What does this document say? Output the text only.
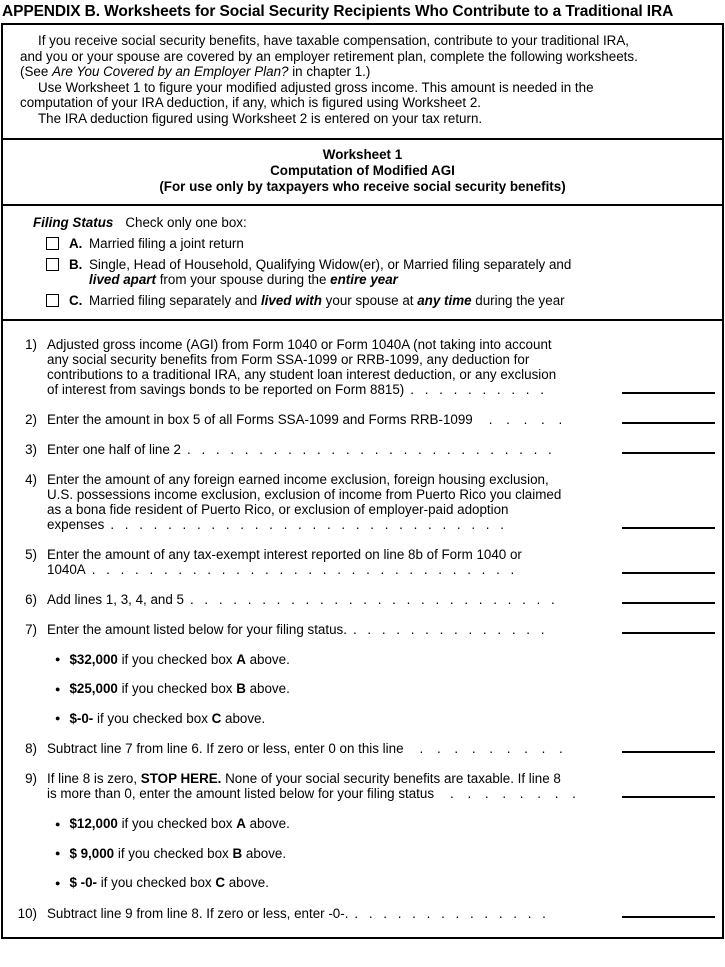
APPENDIX B. Worksheets for Social Security Recipients Who Contribute to a Traditional IRA
If you receive social security benefits, have taxable compensation, contribute to your traditional IRA,
and you or your spouse are covered by an employer retirement plan, complete the following worksheets.
(See Are You Covered by an Employer Plan? in chapter 1.)
Use Worksheet 1 to figure your modified adjusted gross income. This amount is needed in the
computation of your IRA deduction, if any, which is figured using Worksheet 2.
The IRA deduction figured using Worksheet 2 is entered on your tax return.
Worksheet 1
Computation of Modified AGI
(For use only by taxpayers who receive social security benefits)
Filing Status Check only one box:
A. Married filing a joint return
B. Single, Head of Household, Qualifying Widow(er), or Married filing separately and
lived apart from your spouse during the entire year
C. Married filing separately and lived with your spouse at any time during the year
1) Adjusted gross income (AGI) from Form 1040 or Form 1040A (not taking into account
any social security benefits from Form SSA-1099 or RRB-1099, any deduction for
contributions to a traditional IRA, any student loan interest deduction, or any exclusion
of interest from savings bonds to be reported on Form 8815) . . . . . . . . . .
2) Enter the amount in box 5 of all Forms SSA-1099 and Forms RRB-1099 . . . . .
3) Enter one half of line 2 . . . . . . . . . . . . . . . . . . . . . . . . . .
4) Enter the amount of any foreign earned income exclusion, foreign housing exclusion,
U.S. possessions income exclusion, exclusion of income from Puerto Rico you claimed
as a bona fide resident of Puerto Rico, or exclusion of employer-paid adoption
expenses . . . . . . . . . . . . . . . . . . . . . . . . . . . .
5) Enter the amount of any tax-exempt interest reported on line 8b of Form 1040 or
1040A . . . . . . . . . . . . . . . . . . . . . . . . . . . . . .
6) Add lines 1, 3, 4, and 5 . . . . . . . . . . . . . . . . . . . . . . . . . .
7) Enter the amount listed below for your filing status. . . . . . . . . . . . . . .
● $32,000 if you checked box A above.
● $25,000 if you checked box B above.
● $-0- if you checked box C above.
8) Subtract line 7 from line 6. If zero or less, enter 0 on this line . . . . . . . . .
9) If line 8 is zero, STOP HERE. None of your social security benefits are taxable. If line 8
is more than 0, enter the amount listed below for your filing status . . . . . . . .
● $12,000 if you checked box A above.
● $ 9,000 if you checked box B above.
● $ -0- if you checked box C above.
10) Subtract line 9 from line 8. If zero or less, enter -0-. . . . . . . . . . . . . . .
